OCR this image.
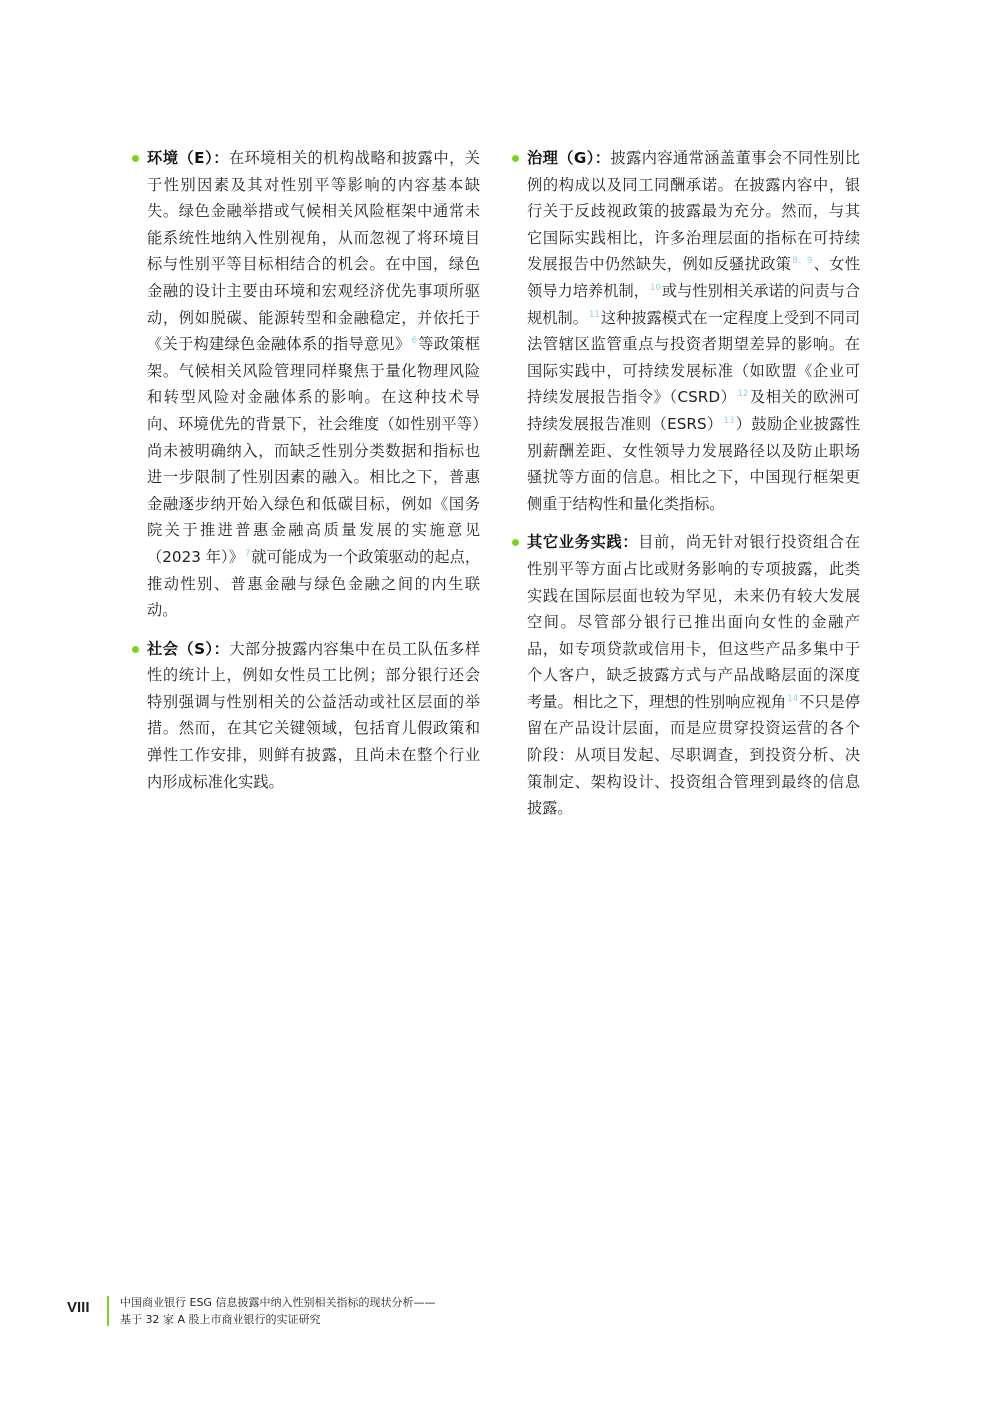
环境（E）：在环境相关的机构战略和披露中，关于性别因素及其对性别平等影响的内容基本缺失。绿色金融举措或气候相关风险框架中通常未能系统性地纳入性别视角，从而忽视了将环境目标与性别平等目标相结合的机会。在中国，绿色金融的设计主要由环境和宏观经济优先事项所驱动，例如脱碳、能源转型和金融稳定，并依托于《关于构建绿色金融体系的指导意见》$^6$等政策框架。气候相关风险管理同样聚焦于量化物理风险和转型风险对金融体系的影响。在这种技术导向、环境优先的背景下，社会维度（如性别平等）尚未被明确纳入，而缺乏性别分类数据和指标也进一步限制了性别因素的融入。相比之下，普惠金融逐步纳开始入绿色和低碳目标，例如《国务院关于推进普惠金融高质量发展的实施意见（2023 年）》$^7$就可能成为一个政策驱动的起点，推动性别、普惠金融与绿色金融之间的内生联动。
社会（S）：大部分披露内容集中在员工队伍多样性的统计上，例如女性员工比例；部分银行还会特别强调与性别相关的公益活动或社区层面的举措。然而，在其它关键领域，包括育儿假政策和弹性工作安排，则鲜有披露，且尚未在整个行业内形成标准化实践。
治理（G）：披露内容通常涵盖董事会不同性别比例的构成以及同工同酬承诺。在披露内容中，银行关于反歧视政策的披露最为充分。然而，与其它国际实践相比，许多治理层面的指标在可持续发展报告中仍然缺失，例如反骚扰政策$^{8、9}$、女性领导力培养机制，$^{10}$或与性别相关承诺的问责与合规机制。$^{11}$这种披露模式在一定程度上受到不同司法管辖区监管重点与投资者期望差异的影响。在国际实践中，可持续发展标准（如欧盟《企业可持续发展报告指令》（CSRD）$^{12}$及相关的欧洲可持续发展报告准则（ESRS）$^{13}$）鼓励企业披露性别薪酬差距、女性领导力发展路径以及防止职场骚扰等方面的信息。相比之下，中国现行框架更侧重于结构性和量化类指标。
其它业务实践：目前，尚无针对银行投资组合在性别平等方面占比或财务影响的专项披露，此类实践在国际层面也较为罕见，未来仍有较大发展空间。尽管部分银行已推出面向女性的金融产品，如专项贷款或信用卡，但这些产品多集中于个人客户，缺乏披露方式与产品战略层面的深度考量。相比之下，理想的性别响应视角$^{14}$不只是停留在产品设计层面，而是应贯穿投资运营的各个阶段：从项目发起、尽职调查，到投资分析、决策制定、架构设计、投资组合管理到最终的信息披露。
VIII	中国商业银行 ESG 信息披露中纳入性别相关指标的现状分析——
基于 32 家 A 股上市商业银行的实证研究
